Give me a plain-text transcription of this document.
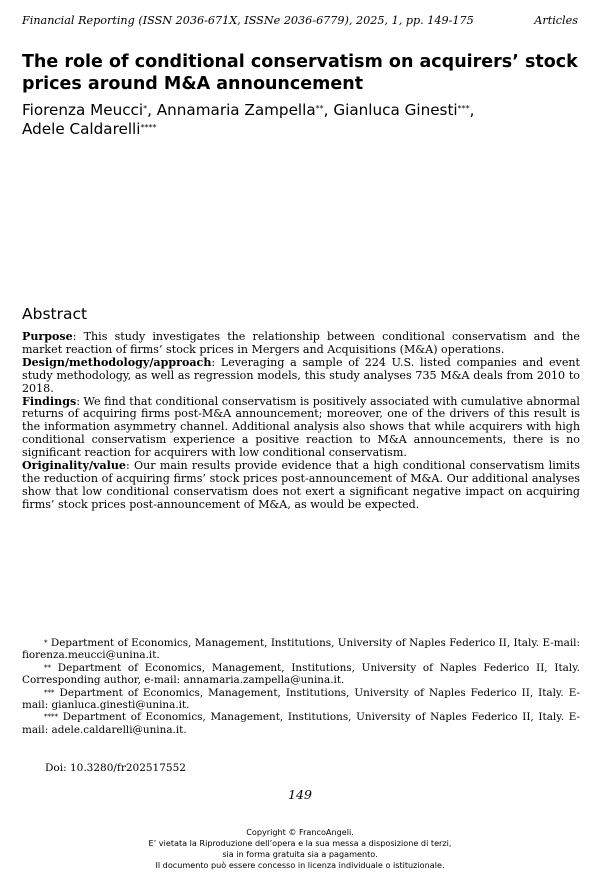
Financial Reporting (ISSN 2036-671X, ISSNe 2036-6779), 2025, 1, pp. 149-175	Articles
The role of conditional conservatism on acquirers’ stock prices around M&A announcement
Fiorenza Meucci*, Annamaria Zampella**, Gianluca Ginesti***,
Adele Caldarelli****
Abstract

Purpose: This study investigates the relationship between conditional conservatism and the market reaction of firms’ stock prices in Mergers and Acquisitions (M&A) operations.

Design/methodology/approach: Leveraging a sample of 224 U.S. listed companies and event study methodology, as well as regression models, this study analyses 735 M&A deals from 2010 to 2018.

Findings: We find that conditional conservatism is positively associated with cumulative abnormal returns of acquiring firms post-M&A announcement; moreover, one of the drivers of this result is the information asymmetry channel. Additional analysis also shows that while acquirers with high conditional conservatism experience a positive reaction to M&A announcements, there is no significant reaction for acquirers with low conditional conservatism.

Originality/value: Our main results provide evidence that a high conditional conservatism limits the reduction of acquiring firms’ stock prices post-announcement of M&A. Our additional analyses show that low conditional conservatism does not exert a significant negative impact on acquiring firms’ stock prices post-announcement of M&A, as would be expected.

* Department of Economics, Management, Institutions, University of Naples Federico II, Italy. E-mail: fiorenza.meucci@unina.it.

** Department of Economics, Management, Institutions, University of Naples Federico II, Italy. Corresponding author, e-mail: annamaria.zampella@unina.it.

*** Department of Economics, Management, Institutions, University of Naples Federico II, Italy. E-mail: gianluca.ginesti@unina.it.

**** Department of Economics, Management, Institutions, University of Naples Federico II, Italy. E-mail: adele.caldarelli@unina.it.

Doi: 10.3280/fr202517552
149
Copyright © FrancoAngeli.
E’ vietata la Riproduzione dell’opera e la sua messa a disposizione di terzi,
sia in forma gratuita sia a pagamento.
Il documento può essere concesso in licenza individuale o istituzionale.
